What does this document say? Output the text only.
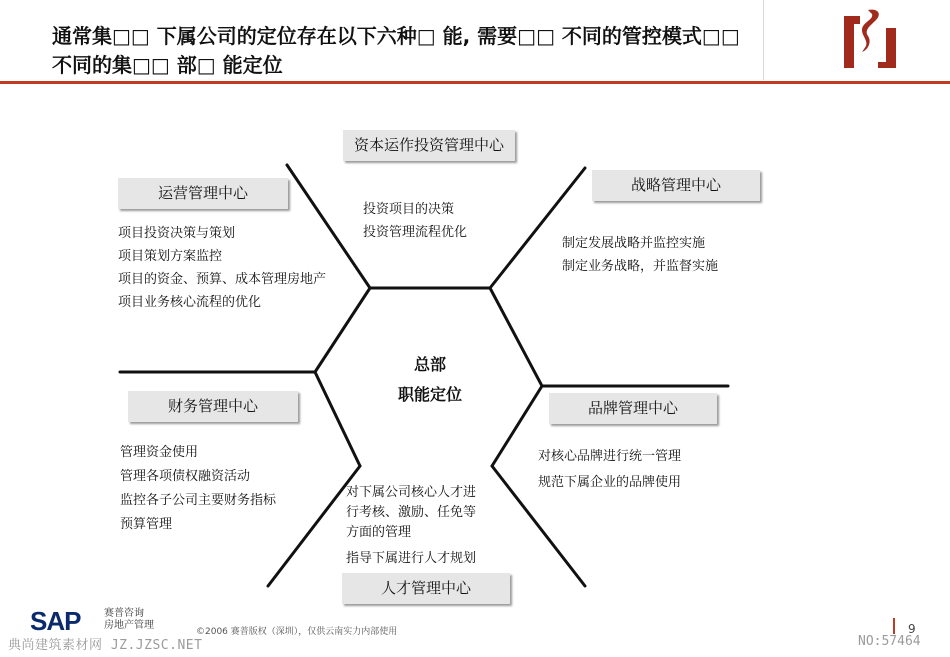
通常集□□ 下属公司的定位存在以下六种□ 能, 需要□□ 不同的管控模式□□ 不同的集□□ 部□ 能定位
总部
职能定位
资本运作投资管理中心
投资项目的决策
投资管理流程优化
战略管理中心
制定发展战略并监控实施
制定业务战略，并监督实施
运营管理中心
项目投资决策与策划
项目策划方案监控
项目的资金、预算、成本管理房地产
项目业务核心流程的优化
财务管理中心
管理资金使用
管理各项债权融资活动
监控各子公司主要财务指标
预算管理
品牌管理中心
对核心品牌进行统一管理
规范下属企业的品牌使用
对下属公司核心人才进
行考核、激励、任免等
方面的管理
指导下属进行人才规划
人才管理中心
SAP 赛普咨询
房地产管理
©2006 赛普版权（深圳），仅供云南实力内部使用
典尚建筑素材网 JZ.JZSC.NET
9
NO:57464
